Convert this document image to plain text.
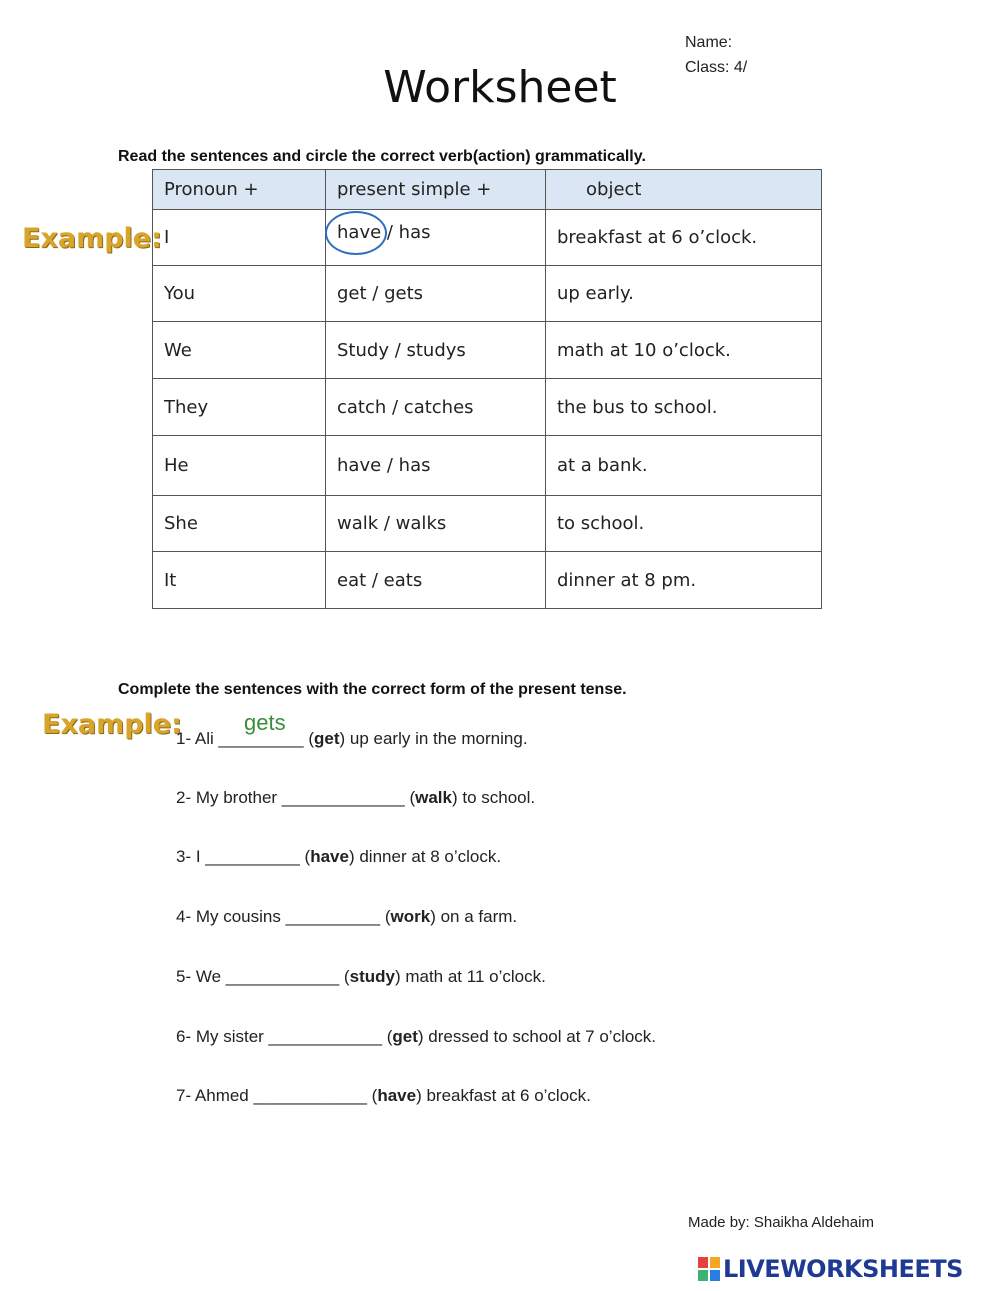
Name:
Class: 4/
Worksheet
Read the sentences and circle the correct verb(action) grammatically.
Example:
Pronoun +	present simple +	object
I	have / has	breakfast at 6 o’clock.
You	get / gets	up early.
We	Study / studys	math at 10 o’clock.
They	catch / catches	the bus to school.
He	have / has	at a bank.
She	walk / walks	to school.
It	eat / eats	dinner at 8 pm.
Complete the sentences with the correct form of the present tense.
Example:	gets
1- Ali _________ (get) up early in the morning.
2- My brother _____________ (walk) to school.
3- I __________ (have) dinner at 8 o’clock.
4- My cousins __________ (work) on a farm.
5- We ____________ (study) math at 11 o’clock.
6- My sister ____________ (get) dressed to school at 7 o’clock.
7- Ahmed ____________ (have) breakfast at 6 o’clock.
Made by: Shaikha Aldehaim
LIVEWORKSHEETS
